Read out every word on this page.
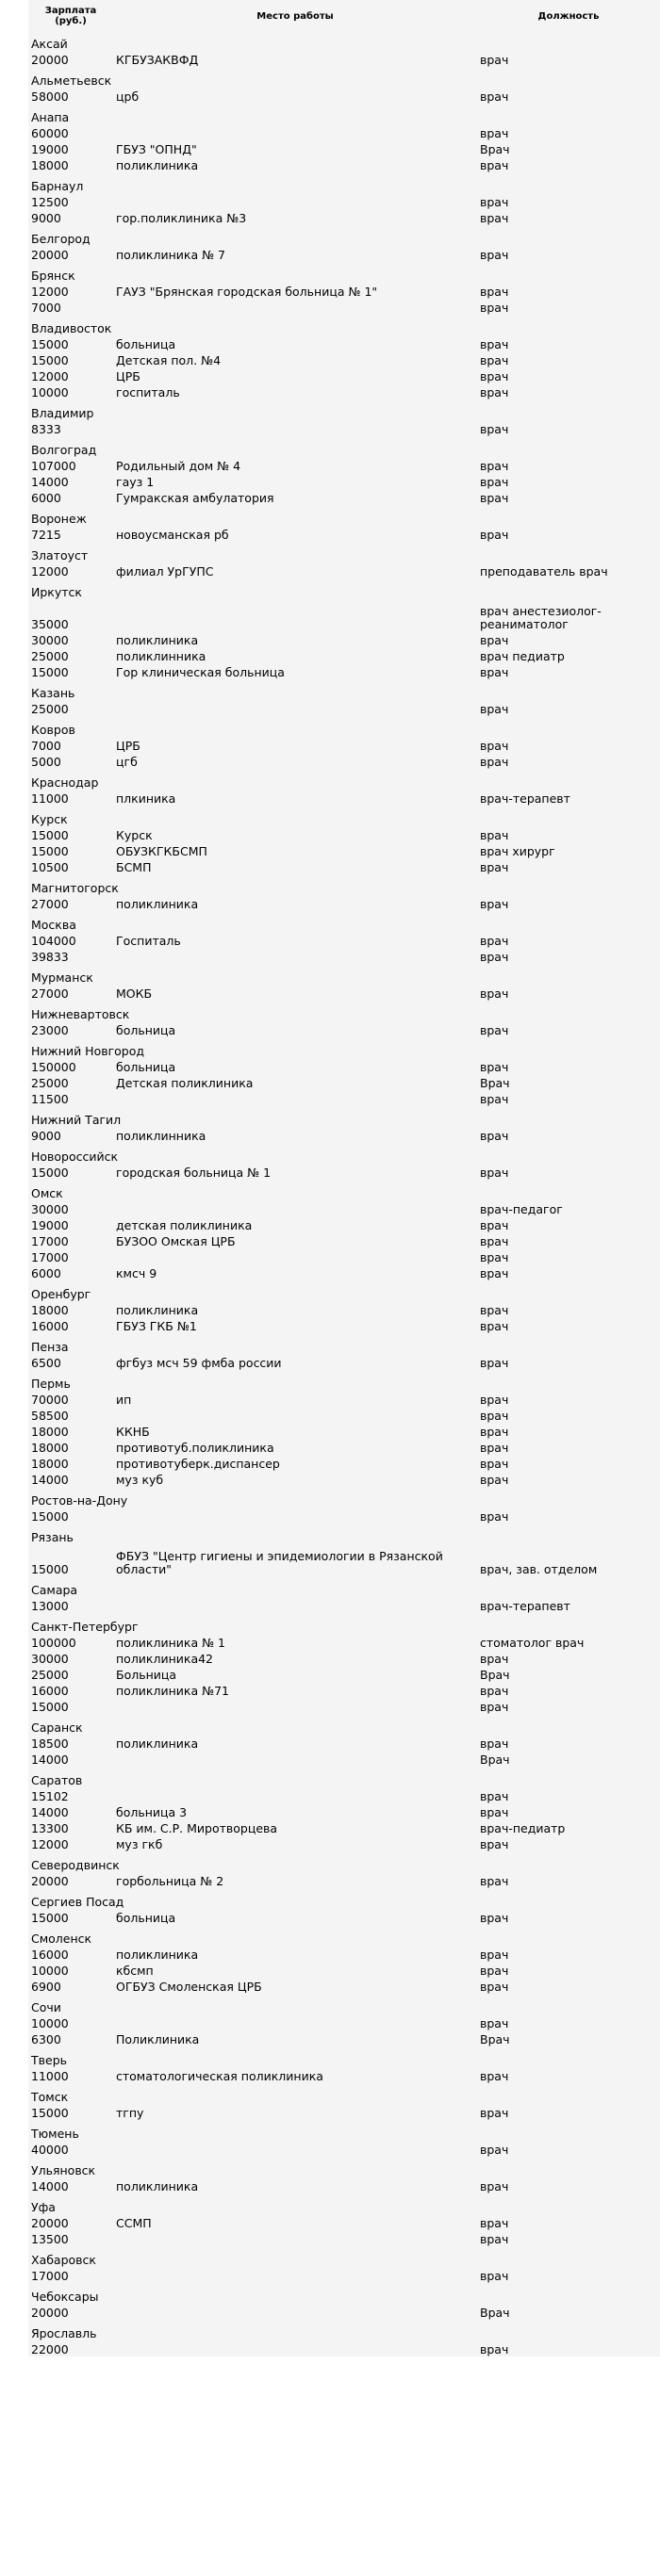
Зарплата (руб.)	Место работы	Должность
Аксай		
20000	КГБУЗАКВФД	врач
Альметьевск		
58000	црб	врач
Анапа		
60000		врач
19000	ГБУЗ "ОПНД"	Врач
18000	поликлиника	врач
Барнаул		
12500		врач
9000	гор.поликлиника №3	врач
Белгород		
20000	поликлиника № 7	врач
Брянск		
12000	ГАУЗ "Брянская городская больница № 1"	врач
7000		врач
Владивосток		
15000	больница	врач
15000	Детская пол. №4	врач
12000	ЦРБ	врач
10000	госпиталь	врач
Владимир		
8333		врач
Волгоград		
107000	Родильный дом № 4	врач
14000	гауз 1	врач
6000	Гумракская амбулатория	врач
Воронеж		
7215	новоусманская рб	врач
Златоуст		
12000	филиал УрГУПС	преподаватель врач
Иркутск		
35000		врач анестезиолог-реаниматолог
30000	поликлиника	врач
25000	поликлинника	врач педиатр
15000	Гор клиническая больница	врач
Казань		
25000		врач
Ковров		
7000	ЦРБ	врач
5000	цгб	врач
Краснодар		
11000	плкиника	врач-терапевт
Курск		
15000	Курск	врач
15000	ОБУЗКГКБСМП	врач хирург
10500	БСМП	врач
Магнитогорск		
27000	поликлиника	врач
Москва		
104000	Госпиталь	врач
39833		врач
Мурманск		
27000	МОКБ	врач
Нижневартовск		
23000	больница	врач
Нижний Новгород		
150000	больница	врач
25000	Детская поликлиника	Врач
11500		врач
Нижний Тагил		
9000	поликлинника	врач
Новороссийск		
15000	городская больница № 1	врач
Омск		
30000		врач-педагог
19000	детская поликлиника	врач
17000	БУЗОО Омская ЦРБ	врач
17000		врач
6000	кмсч 9	врач
Оренбург		
18000	поликлиника	врач
16000	ГБУЗ ГКБ №1	врач
Пенза		
6500	фгбуз мсч 59 фмба россии	врач
Пермь		
70000	ип	врач
58500		врач
18000	ККНБ	врач
18000	противотуб.поликлиника	врач
18000	противотуберк.диспансер	врач
14000	муз куб	врач
Ростов-на-Дону		
15000		врач
Рязань		
15000	ФБУЗ "Центр гигиены и эпидемиологии в Рязанской области"	врач, зав. отделом
Самара		
13000		врач-терапевт
Санкт-Петербург		
100000	поликлиника № 1	стоматолог врач
30000	поликлиника42	врач
25000	Больница	Врач
16000	поликлиника №71	врач
15000		врач
Саранск		
18500	поликлиника	врач
14000		Врач
Саратов		
15102		врач
14000	больница 3	врач
13300	КБ им. С.Р. Миротворцева	врач-педиатр
12000	муз гкб	врач
Северодвинск		
20000	горбольница № 2	врач
Сергиев Посад		
15000	больница	врач
Смоленск		
16000	поликлиника	врач
10000	кбсмп	врач
6900	ОГБУЗ Смоленская ЦРБ	врач
Сочи		
10000		врач
6300	Поликлиника	Врач
Тверь		
11000	стоматологическая поликлиника	врач
Томск		
15000	тгпу	врач
Тюмень		
40000		врач
Ульяновск		
14000	поликлиника	врач
Уфа		
20000	ССМП	врач
13500		врач
Хабаровск		
17000		врач
Чебоксары		
20000		Врач
Ярославль		
22000		врач
